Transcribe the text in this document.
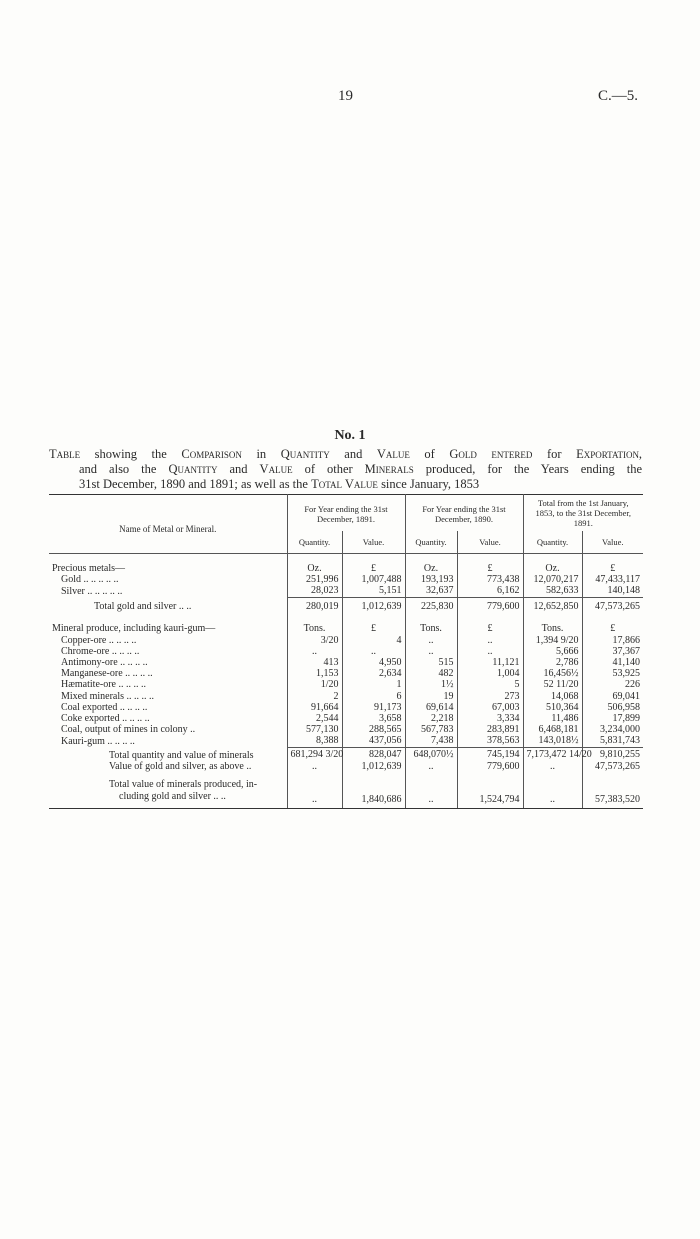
19	C.—5.
No. 1
Table showing the Comparison in Quantity and Value of Gold entered for Exportation,
and also the Quantity and Value of other Minerals produced, for the Years ending the
31st December, 1890 and 1891; as well as the Total Value since January, 1853
Name of Metal or Mineral.	For Year ending the 31st December, 1891.		For Year ending the 31st December, 1890.		Total from the 1st January, 1853, to the 31st December, 1891.	
	Quantity.	Value.	Quantity.	Value.	Quantity.	Value.

Precious metals—	Oz.	£	Oz.	£	Oz.	£
Gold .. .. .. .. ..	251,996	1,007,488	193,193	773,438	12,070,217	47,433,117
Silver .. .. .. .. ..	28,023	5,151	32,637	6,162	582,633	140,148
Total gold and silver .. ..	280,019	1,012,639	225,830	779,600	12,652,850	47,573,265

Mineral produce, including kauri-gum—	Tons.	£	Tons.	£	Tons.	£
Copper-ore .. .. .. ..	3/20	4	..	..	1,394 9/20	17,866
Chrome-ore .. .. .. ..	..	..	..	..	5,666	37,367
Antimony-ore .. .. .. ..	413	4,950	515	11,121	2,786	41,140
Manganese-ore .. .. .. ..	1,153	2,634	482	1,004	16,456½	53,925
Hæmatite-ore .. .. .. ..	1/20	1	1½	5	52 11/20	226
Mixed minerals .. .. .. ..	2	6	19	273	14,068	69,041
Coal exported .. .. .. ..	91,664	91,173	69,614	67,003	510,364	506,958
Coke exported .. .. .. ..	2,544	3,658	2,218	3,334	11,486	17,899
Coal, output of mines in colony ..	577,130	288,565	567,783	283,891	6,468,181	3,234,000
Kauri-gum .. .. .. ..	8,388	437,056	7,438	378,563	143,018½	5,831,743
Total quantity and value of minerals	681,294 3/20	828,047	648,070½	745,194	7,173,472 14/20	9,810,255
Value of gold and silver, as above ..	..	1,012,639	..	779,600	..	47,573,265

Total value of minerals produced, in-						
cluding gold and silver .. ..	..	1,840,686	..	1,524,794	..	57,383,520
